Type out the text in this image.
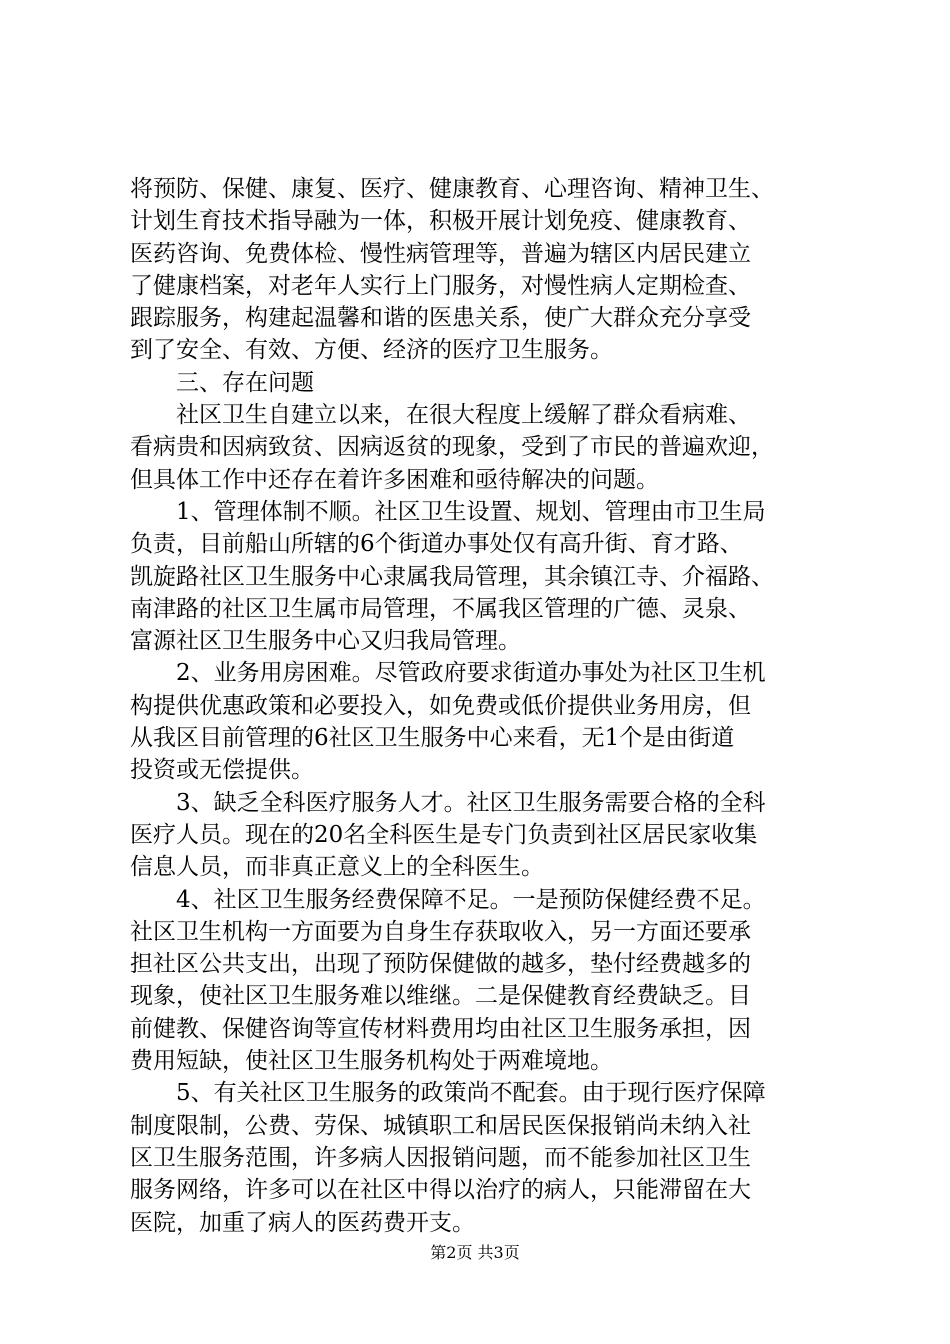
将预防、保健、康复、医疗、健康教育、心理咨询、精神卫生、
计划生育技术指导融为一体，积极开展计划免疫、健康教育、
医药咨询、免费体检、慢性病管理等，普遍为辖区内居民建立
了健康档案，对老年人实行上门服务，对慢性病人定期检查、
跟踪服务，构建起温馨和谐的医患关系，使广大群众充分享受
到了安全、有效、方便、经济的医疗卫生服务。
三、存在问题
社区卫生自建立以来，在很大程度上缓解了群众看病难、
看病贵和因病致贫、因病返贫的现象，受到了市民的普遍欢迎，
但具体工作中还存在着许多困难和亟待解决的问题。
1、管理体制不顺。社区卫生设置、规划、管理由市卫生局
负责，目前船山所辖的6个街道办事处仅有高升街、育才路、
凯旋路社区卫生服务中心隶属我局管理，其余镇江寺、介福路、
南津路的社区卫生属市局管理，不属我区管理的广德、灵泉、
富源社区卫生服务中心又归我局管理。
2、业务用房困难。尽管政府要求街道办事处为社区卫生机
构提供优惠政策和必要投入，如免费或低价提供业务用房，但
从我区目前管理的6社区卫生服务中心来看，无1个是由街道
投资或无偿提供。
3、缺乏全科医疗服务人才。社区卫生服务需要合格的全科
医疗人员。现在的20名全科医生是专门负责到社区居民家收集
信息人员，而非真正意义上的全科医生。
4、社区卫生服务经费保障不足。一是预防保健经费不足。
社区卫生机构一方面要为自身生存获取收入，另一方面还要承
担社区公共支出，出现了预防保健做的越多，垫付经费越多的
现象，使社区卫生服务难以维继。二是保健教育经费缺乏。目
前健教、保健咨询等宣传材料费用均由社区卫生服务承担，因
费用短缺，使社区卫生服务机构处于两难境地。
5、有关社区卫生服务的政策尚不配套。由于现行医疗保障
制度限制，公费、劳保、城镇职工和居民医保报销尚未纳入社
区卫生服务范围，许多病人因报销问题，而不能参加社区卫生
服务网络，许多可以在社区中得以治疗的病人，只能滞留在大
医院，加重了病人的医药费开支。
第2页 共3页
